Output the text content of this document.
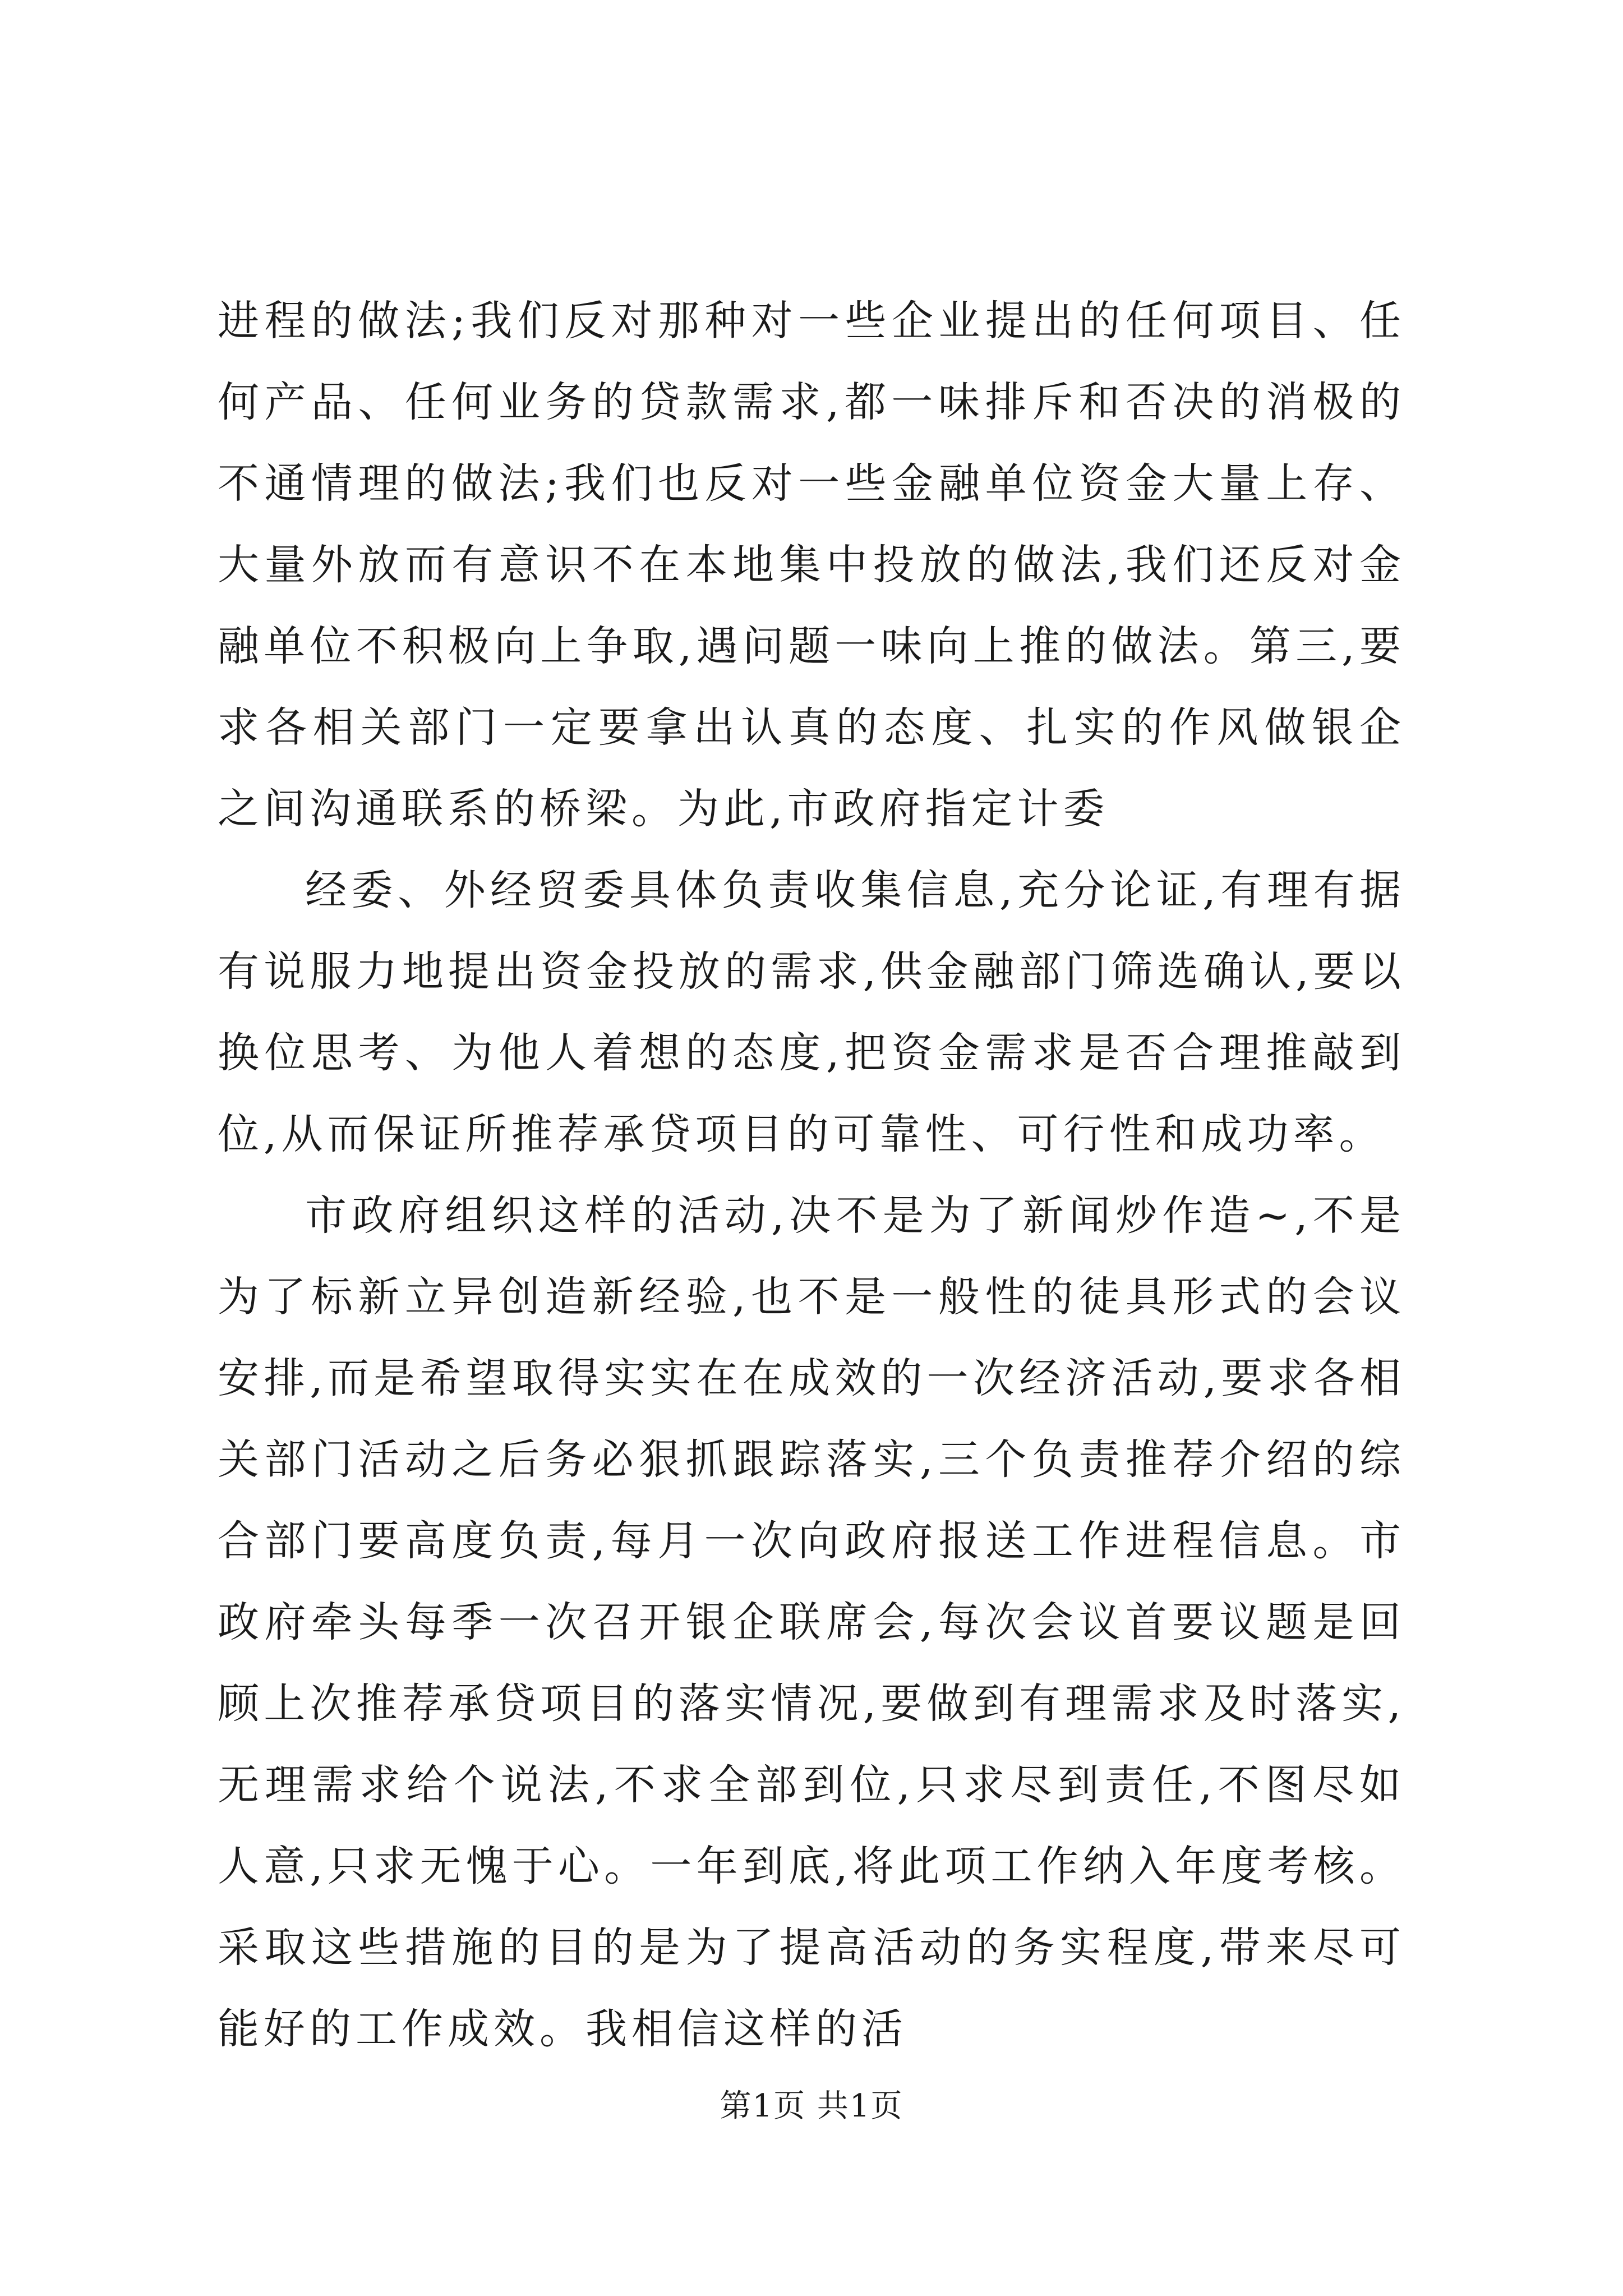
进程的做法;我们反对那种对一些企业提出的任何项目、任何产品、任何业务的贷款需求,都一味排斥和否决的消极的不通情理的做法;我们也反对一些金融单位资金大量上存、大量外放而有意识不在本地集中投放的做法,我们还反对金融单位不积极向上争取,遇问题一味向上推的做法。第三,要求各相关部门一定要拿出认真的态度、扎实的作风做银企之间沟通联系的桥梁。为此,市政府指定计委

经委、外经贸委具体负责收集信息,充分论证,有理有据有说服力地提出资金投放的需求,供金融部门筛选确认,要以换位思考、为他人着想的态度,把资金需求是否合理推敲到位,从而保证所推荐承贷项目的可靠性、可行性和成功率。

市政府组织这样的活动,决不是为了新闻炒作造~,不是为了标新立异创造新经验,也不是一般性的徒具形式的会议安排,而是希望取得实实在在成效的一次经济活动,要求各相关部门活动之后务必狠抓跟踪落实,三个负责推荐介绍的综合部门要高度负责,每月一次向政府报送工作进程信息。市政府牵头每季一次召开银企联席会,每次会议首要议题是回顾上次推荐承贷项目的落实情况,要做到有理需求及时落实,无理需求给个说法,不求全部到位,只求尽到责任,不图尽如人意,只求无愧于心。一年到底,将此项工作纳入年度考核。采取这些措施的目的是为了提高活动的务实程度,带来尽可能好的工作成效。我相信这样的活

第1页 共1页
